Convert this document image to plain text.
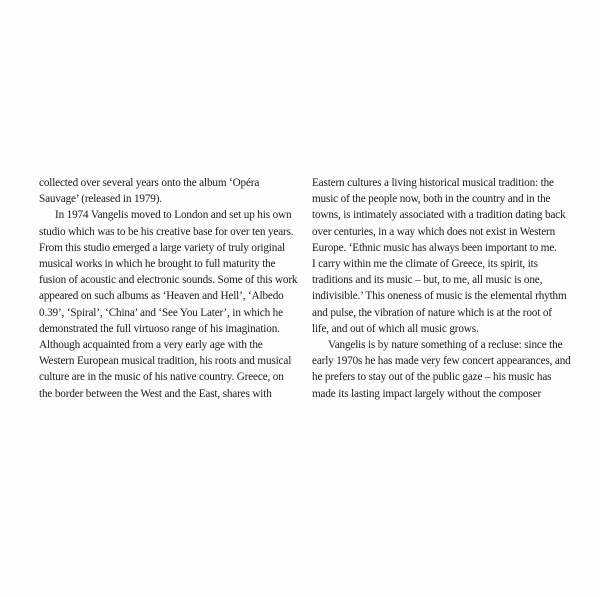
collected over several years onto the album ‘Opéra
Sauvage’ (released in 1979).
In 1974 Vangelis moved to London and set up his own
studio which was to be his creative base for over ten years.
From this studio emerged a large variety of truly original
musical works in which he brought to full maturity the
fusion of acoustic and electronic sounds. Some of this work
appeared on such albums as ‘Heaven and Hell’, ‘Albedo
0.39’, ‘Spiral’, ‘China’ and ‘See You Later’, in which he
demonstrated the full virtuoso range of his imagination.
Although acquainted from a very early age with the
Western European musical tradition, his roots and musical
culture are in the music of his native country. Greece, on
the border between the West and the East, shares with
Eastern cultures a living historical musical tradition: the
music of the people now, both in the country and in the
towns, is intimately associated with a tradition dating back
over centuries, in a way which does not exist in Western
Europe. ‘Ethnic music has always been important to me.
I carry within me the climate of Greece, its spirit, its
traditions and its music – but, to me, all music is one,
indivisible.’ This oneness of music is the elemental rhythm
and pulse, the vibration of nature which is at the root of
life, and out of which all music grows.
Vangelis is by nature something of a recluse: since the
early 1970s he has made very few concert appearances, and
he prefers to stay out of the public gaze – his music has
made its lasting impact largely without the composer
